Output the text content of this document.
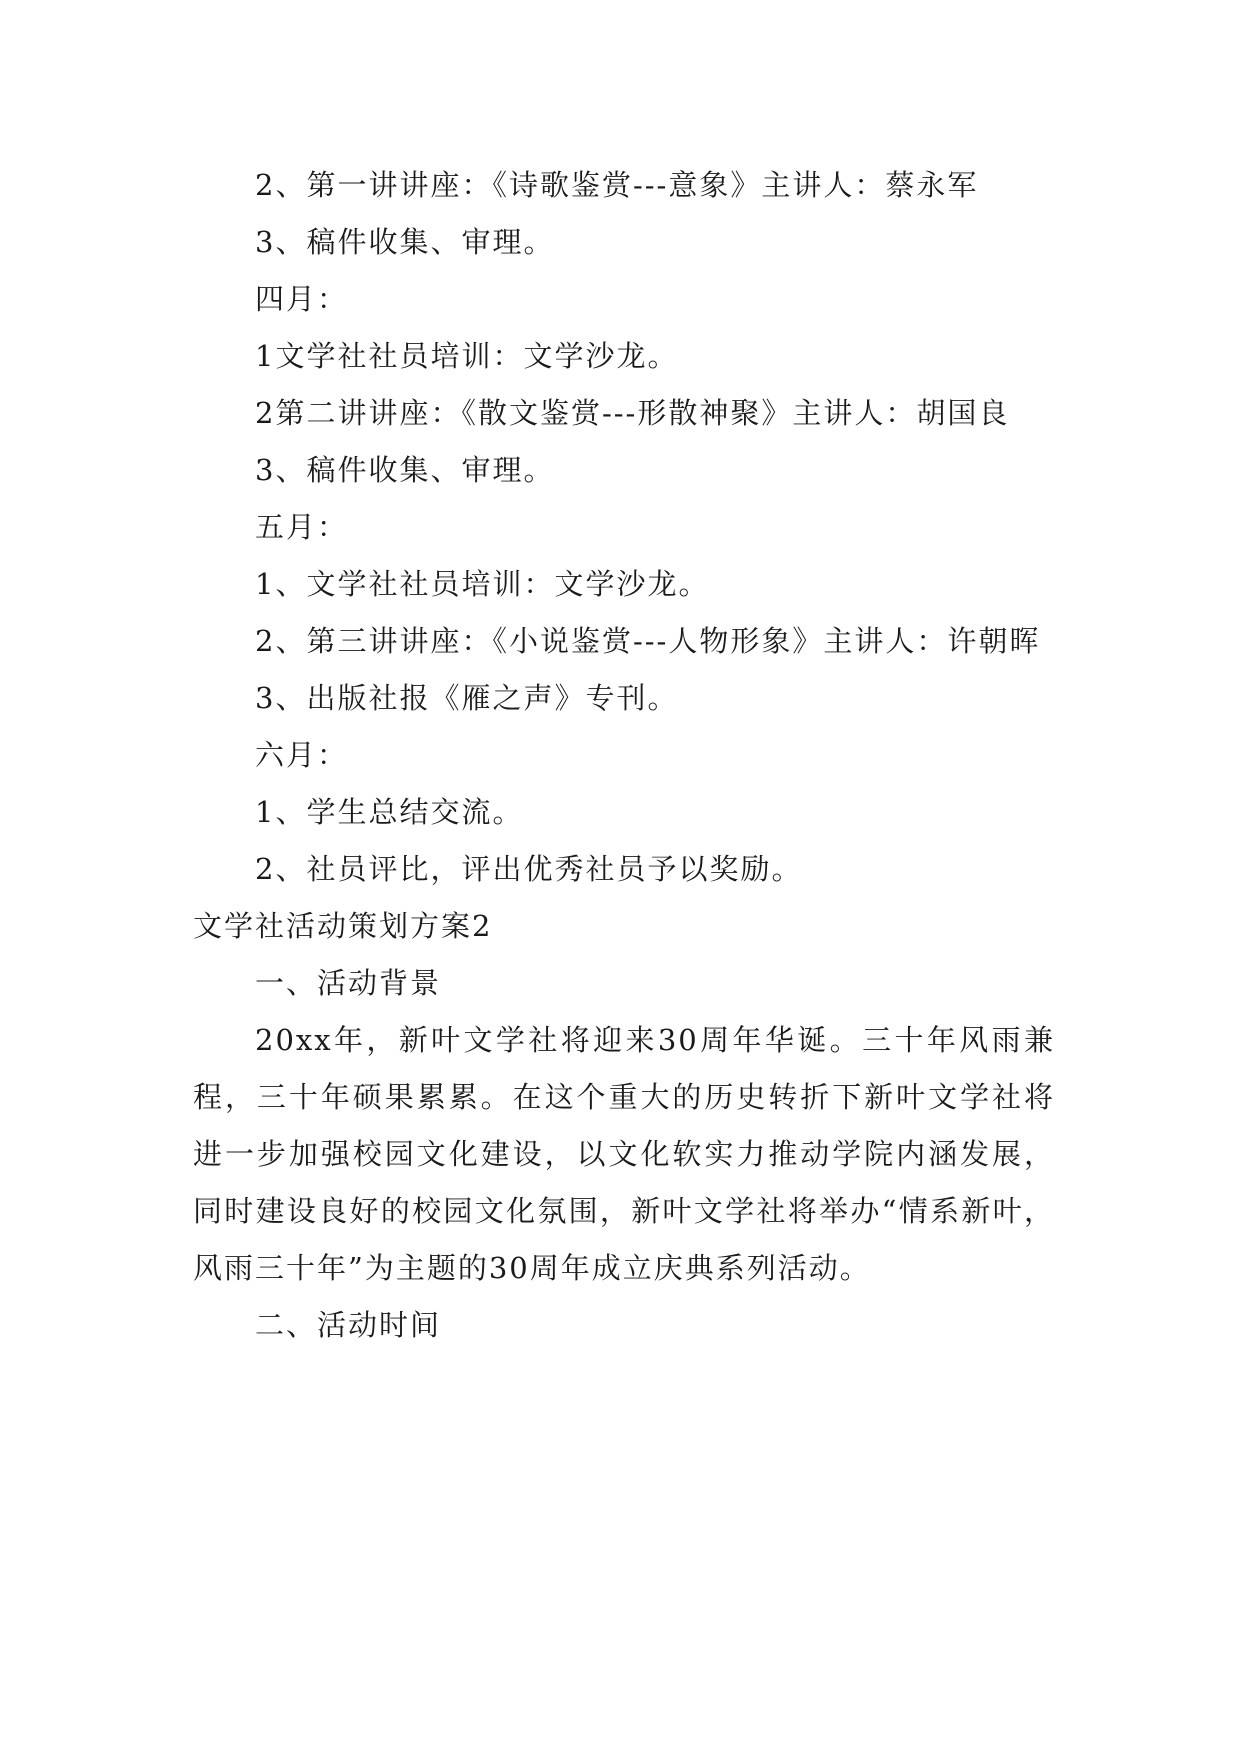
2、第一讲讲座：《诗歌鉴赏---意象》主讲人：蔡永军

3、稿件收集、审理。

四月：

1文学社社员培训：文学沙龙。

2第二讲讲座：《散文鉴赏---形散神聚》主讲人：胡国良

3、稿件收集、审理。

五月：

1、文学社社员培训：文学沙龙。

2、第三讲讲座：《小说鉴赏---人物形象》主讲人：许朝晖

3、出版社报《雁之声》专刊。

六月：

1、学生总结交流。

2、社员评比，评出优秀社员予以奖励。

文学社活动策划方案2

一、活动背景

20xx年，新叶文学社将迎来30周年华诞。三十年风雨兼程，三十年硕果累累。在这个重大的历史转折下新叶文学社将进一步加强校园文化建设，以文化软实力推动学院内涵发展，同时建设良好的校园文化氛围，新叶文学社将举办“情系新叶，风雨三十年”为主题的30周年成立庆典系列活动。

二、活动时间
